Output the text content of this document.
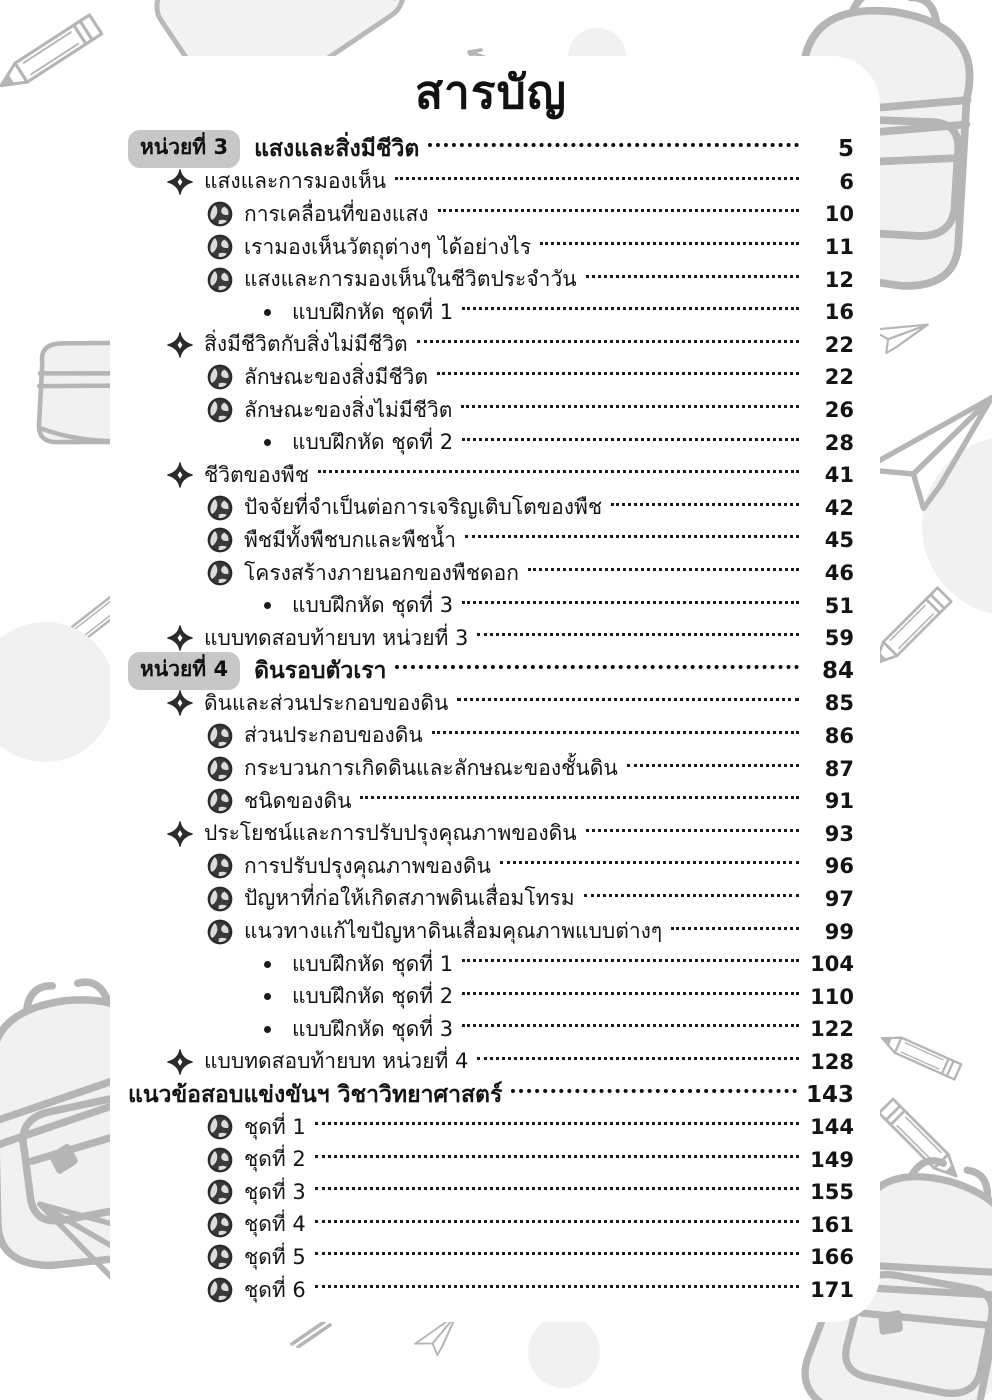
สารบัญ
หน่วยที่ 3	แสงและสิ่งมีชีวิต	5
แสงและการมองเห็น	6
การเคลื่อนที่ของแสง	10
เรามองเห็นวัตถุต่างๆ ได้อย่างไร	11
แสงและการมองเห็นในชีวิตประจำวัน	12
แบบฝึกหัด ชุดที่ 1	16
สิ่งมีชีวิตกับสิ่งไม่มีชีวิต	22
ลักษณะของสิ่งมีชีวิต	22
ลักษณะของสิ่งไม่มีชีวิต	26
แบบฝึกหัด ชุดที่ 2	28
ชีวิตของพืช	41
ปัจจัยที่จำเป็นต่อการเจริญเติบโตของพืช	42
พืชมีทั้งพืชบกและพืชน้ำ	45
โครงสร้างภายนอกของพืชดอก	46
แบบฝึกหัด ชุดที่ 3	51
แบบทดสอบท้ายบท หน่วยที่ 3	59
หน่วยที่ 4	ดินรอบตัวเรา	84
ดินและส่วนประกอบของดิน	85
ส่วนประกอบของดิน	86
กระบวนการเกิดดินและลักษณะของชั้นดิน	87
ชนิดของดิน	91
ประโยชน์และการปรับปรุงคุณภาพของดิน	93
การปรับปรุงคุณภาพของดิน	96
ปัญหาที่ก่อให้เกิดสภาพดินเสื่อมโทรม	97
แนวทางแก้ไขปัญหาดินเสื่อมคุณภาพแบบต่างๆ	99
แบบฝึกหัด ชุดที่ 1	104
แบบฝึกหัด ชุดที่ 2	110
แบบฝึกหัด ชุดที่ 3	122
แบบทดสอบท้ายบท หน่วยที่ 4	128
แนวข้อสอบแข่งขันฯ วิชาวิทยาศาสตร์	143
ชุดที่ 1	144
ชุดที่ 2	149
ชุดที่ 3	155
ชุดที่ 4	161
ชุดที่ 5	166
ชุดที่ 6	171
